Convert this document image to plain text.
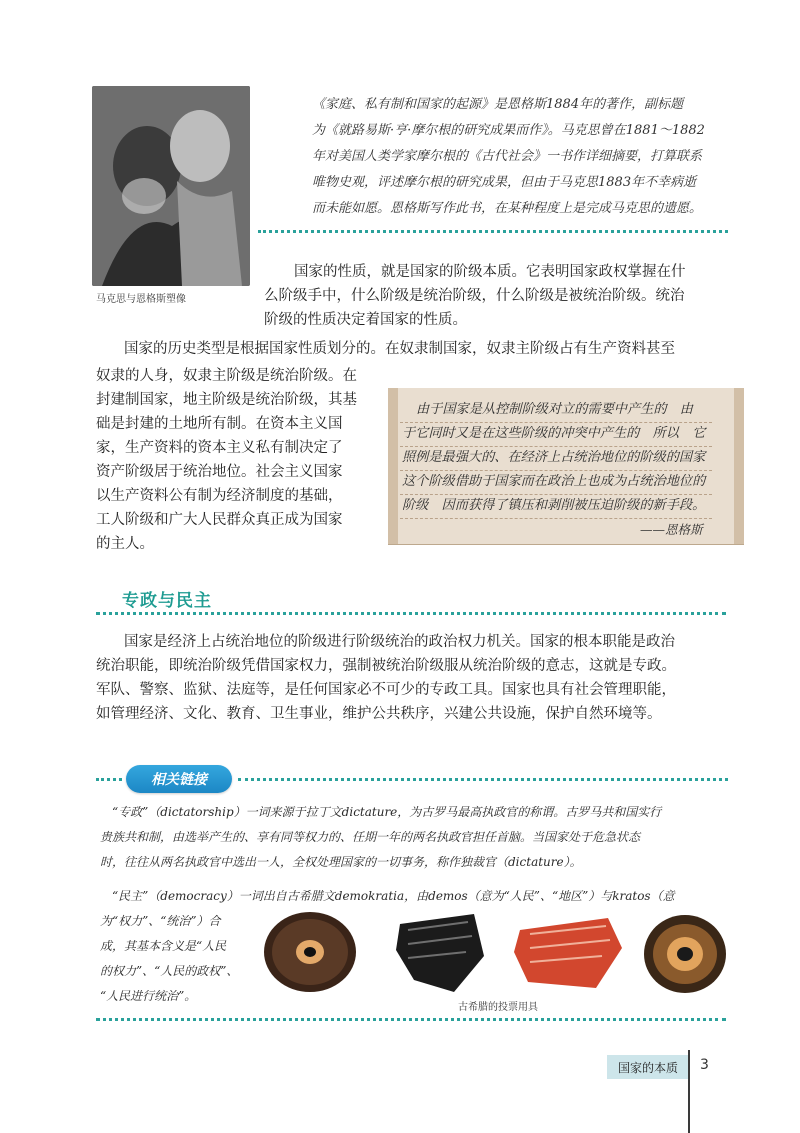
马克思与恩格斯塑像
《家庭、私有制和国家的起源》是恩格斯1884年的著作，副标题
为《就路易斯·亨·摩尔根的研究成果而作》。马克思曾在1881～1882
年对美国人类学家摩尔根的《古代社会》一书作详细摘要，打算联系
唯物史观，评述摩尔根的研究成果，但由于马克思1883年不幸病逝
而未能如愿。恩格斯写作此书，在某种程度上是完成马克思的遗愿。
国家的性质，就是国家的阶级本质。它表明国家政权掌握在什
么阶级手中，什么阶级是统治阶级，什么阶级是被统治阶级。统治
阶级的性质决定着国家的性质。
国家的历史类型是根据国家性质划分的。在奴隶制国家，奴隶主阶级占有生产资料甚至
奴隶的人身，奴隶主阶级是统治阶级。在
封建制国家，地主阶级是统治阶级，其基
础是封建的土地所有制。在资本主义国
家，生产资料的资本主义私有制决定了
资产阶级居于统治地位。社会主义国家
以生产资料公有制为经济制度的基础，
工人阶级和广大人民群众真正成为国家
的主人。
由于国家是从控制阶级对立的需要中产生的　由
于它同时又是在这些阶级的冲突中产生的　所以　它
照例是最强大的、在经济上占统治地位的阶级的国家
这个阶级借助于国家而在政治上也成为占统治地位的
阶级　因而获得了镇压和剥削被压迫阶级的新手段。
——恩格斯
专政与民主
国家是经济上占统治地位的阶级进行阶级统治的政治权力机关。国家的根本职能是政治
统治职能，即统治阶级凭借国家权力，强制被统治阶级服从统治阶级的意志，这就是专政。
军队、警察、监狱、法庭等，是任何国家必不可少的专政工具。国家也具有社会管理职能，
如管理经济、文化、教育、卫生事业，维护公共秩序，兴建公共设施，保护自然环境等。
相关链接
　“专政”（dictatorship）一词来源于拉丁文dictature，为古罗马最高执政官的称谓。古罗马共和国实行
贵族共和制，由选举产生的、享有同等权力的、任期一年的两名执政官担任首脑。当国家处于危急状态
时，往往从两名执政官中选出一人，全权处理国家的一切事务，称作独裁官（dictature）。
　“民主”（democracy）一词出自古希腊文demokratia，由demos（意为“人民”、“地区”）与kratos（意
为“权力”、“统治”）合
成，其基本含义是“人民
的权力”、“人民的政权”、
“人民进行统治”。
古希腊的投票用具
国家的本质	3
